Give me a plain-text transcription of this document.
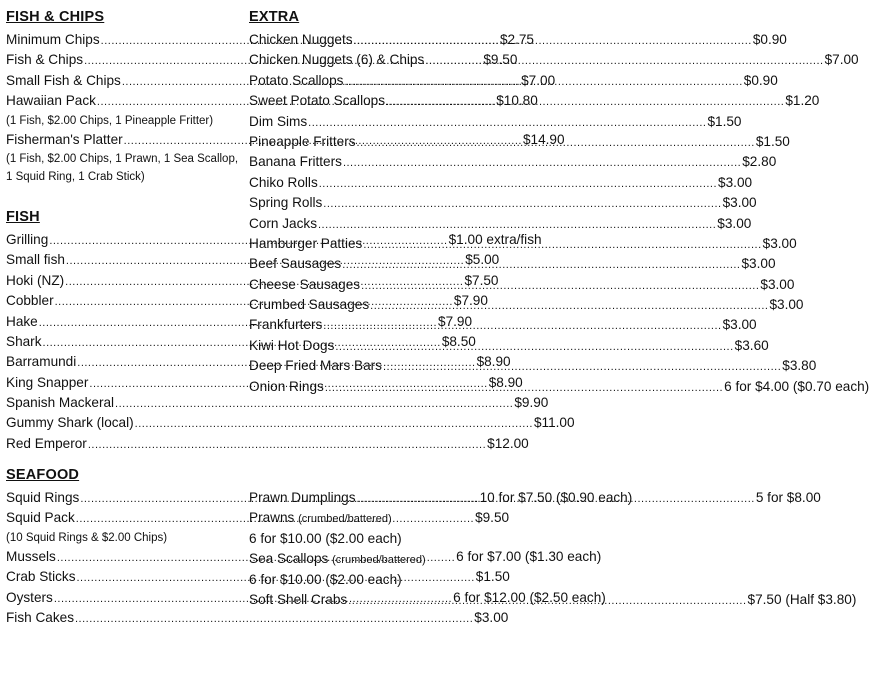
FISH & CHIPS
Minimum Chips .....	$2.75
Fish & Chips .....	$9.50
Small Fish & Chips .....	$7.00
Hawaiian Pack .....	$10.80
(1 Fish, $2.00 Chips, 1 Pineapple Fritter)
Fisherman's Platter .....	$14.90
(1 Fish, $2.00 Chips, 1 Prawn, 1 Sea Scallop,
1 Squid Ring, 1 Crab Stick)
FISH
Grilling .....	$1.00 extra/fish
Small fish .....	$5.00
Hoki (NZ) .....	$7.50
Cobbler .....	$7.90
Hake .....	$7.90
Shark .....	$8.50
Barramundi .....	$8.90
King Snapper .....	$8.90
Spanish Mackeral .....	$9.90
Gummy Shark (local) .....	$11.00
Red Emperor .....	$12.00
EXTRA
Chicken Nuggets .....	$0.90
Chicken Nuggets (6) & Chips .....	$7.00
Potato Scallops .....	$0.90
Sweet Potato Scallops .....	$1.20
Dim Sims .....	$1.50
Pineapple Fritters .....	$1.50
Banana Fritters .....	$2.80
Chiko Rolls .....	$3.00
Spring Rolls .....	$3.00
Corn Jacks .....	$3.00
Hamburger Patties .....	$3.00
Beef Sausages .....	$3.00
Cheese Sausages .....	$3.00
Crumbed Sausages .....	$3.00
Frankfurters .....	$3.00
Kiwi Hot Dogs .....	$3.60
Deep Fried Mars Bars .....	$3.80
Onion Rings .....	6 for $4.00 ($0.70 each)
SEAFOOD
Squid Rings .....	10 for $7.50 ($0.90 each)
Squid Pack .....	$9.50
(10 Squid Rings & $2.00 Chips)
Mussels .....	6 for $7.00 ($1.30 each)
Crab Sticks .....	$1.50
Oysters .....	6 for $12.00 ($2.50 each)
Fish Cakes .....	$3.00
Prawn Dumplings .....	5 for $8.00
Prawns (crumbed/battered)
6 for $10.00 ($2.00 each)
Sea Scallops (crumbed/battered)
6 for $10.00 ($2.00 each)
Soft Shell Crabs .....	$7.50 (Half $3.80)
